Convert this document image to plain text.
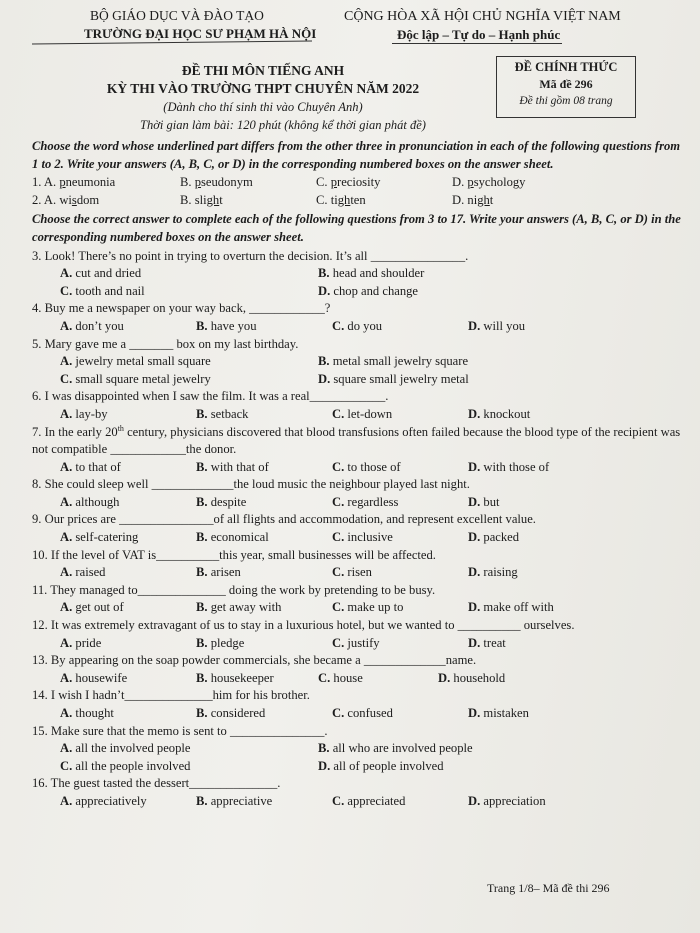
BỘ GIÁO DỤC VÀ ĐÀO TẠO
TRƯỜNG ĐẠI HỌC SƯ PHẠM HÀ NỘI
CỘNG HÒA XÃ HỘI CHỦ NGHĨA VIỆT NAM
Độc lập – Tự do – Hạnh phúc
ĐỀ CHÍNH THỨC
Mã đề 296
Đề thi gồm 08 trang
ĐỀ THI MÔN TIẾNG ANH
KỲ THI VÀO TRƯỜNG THPT CHUYÊN NĂM 2022
(Dành cho thí sinh thi vào Chuyên Anh)
Thời gian làm bài: 120 phút (không kể thời gian phát đề)
Choose the word whose underlined part differs from the other three in pronunciation in each of the following questions from 1 to 2. Write your answers (A, B, C, or D) in the corresponding numbered boxes on the answer sheet.
1. A. pneumonia	B. pseudonym	C. preciosity	D. psychology
2. A. wisdom	B. slight	C. tighten	D. night
Choose the correct answer to complete each of the following questions from 3 to 17. Write your answers (A, B, C, or D) in the corresponding numbered boxes on the answer sheet.
3. Look! There’s no point in trying to overturn the decision. It’s all _______________.
A. cut and dried	B. head and shoulder
C. tooth and nail	D. chop and change
4. Buy me a newspaper on your way back, ____________?
A. don’t you	B. have you	C. do you	D. will you
5. Mary gave me a _______ box on my last birthday.
A. jewelry metal small square	B. metal small jewelry square
C. small square metal jewelry	D. square small jewelry metal
6. I was disappointed when I saw the film. It was a real____________.
A. lay-by	B. setback	C. let-down	D. knockout
7. In the early 20th century, physicians discovered that blood transfusions often failed because the blood type of the recipient was not compatible ____________the donor.
A. to that of	B. with that of	C. to those of	D. with those of
8. She could sleep well _____________the loud music the neighbour played last night.
A. although	B. despite	C. regardless	D. but
9. Our prices are _______________of all flights and accommodation, and represent excellent value.
A. self-catering	B. economical	C. inclusive	D. packed
10. If the level of VAT is__________this year, small businesses will be affected.
A. raised	B. arisen	C. risen	D. raising
11. They managed to______________ doing the work by pretending to be busy.
A. get out of	B. get away with	C. make up to	D. make off with
12. It was extremely extravagant of us to stay in a luxurious hotel, but we wanted to __________ ourselves.
A. pride	B. pledge	C. justify	D. treat
13. By appearing on the soap powder commercials, she became a _____________name.
A. housewife	B. housekeeper	C. house	D. household
14. I wish I hadn’t______________him for his brother.
A. thought	B. considered	C. confused	D. mistaken
15. Make sure that the memo is sent to _______________.
A. all the involved people	B. all who are involved people
C. all the people involved	D. all of people involved
16. The guest tasted the dessert______________.
A. appreciatively	B. appreciative	C. appreciated	D. appreciation
Trang 1/8– Mã đề thi 296
